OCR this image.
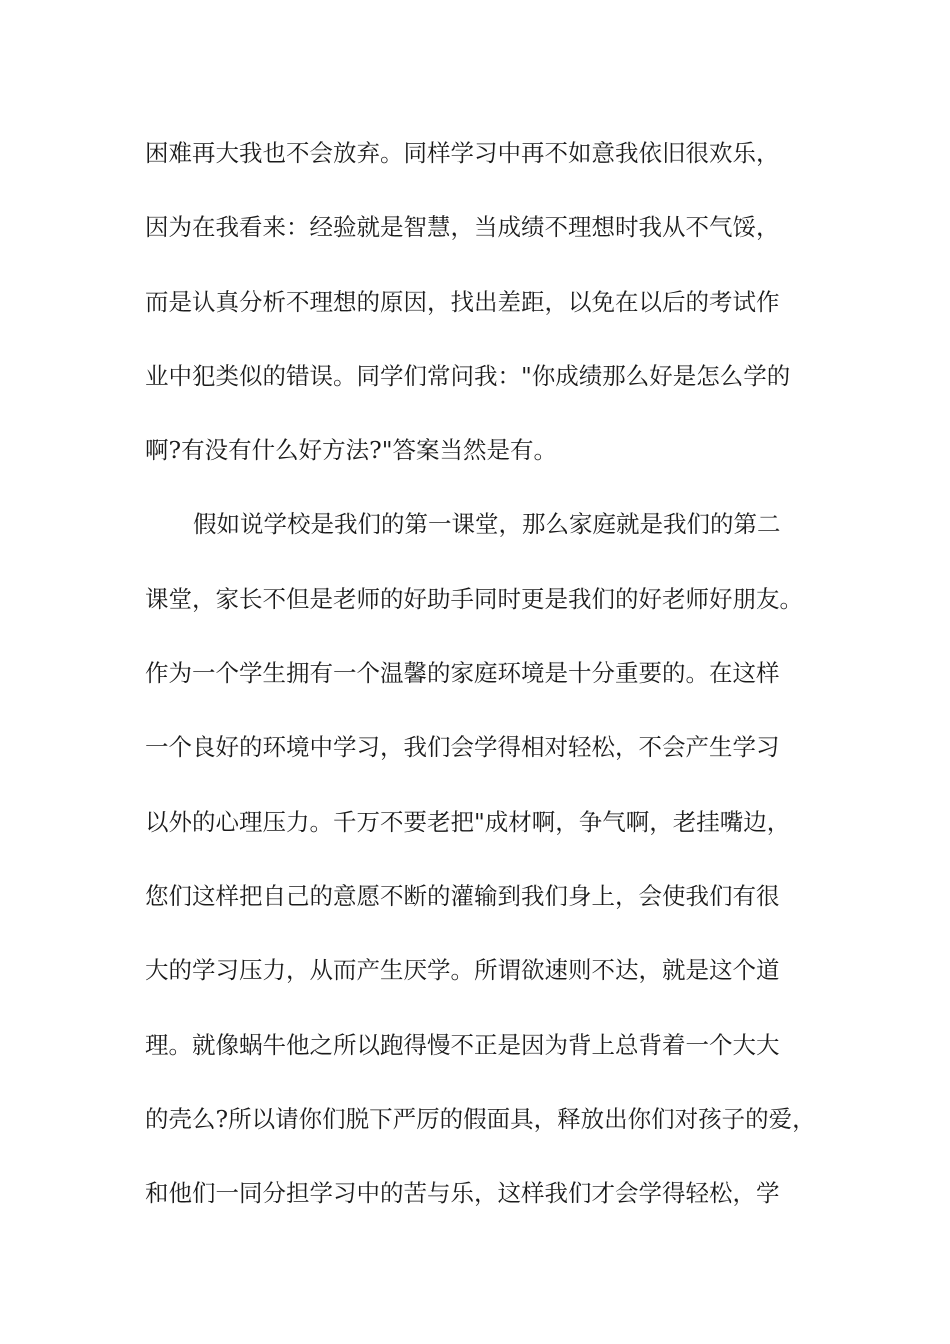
困难再大我也不会放弃。同样学习中再不如意我依旧很欢乐，
因为在我看来：经验就是智慧，当成绩不理想时我从不气馁，
而是认真分析不理想的原因，找出差距，以免在以后的考试作
业中犯类似的错误。同学们常问我："你成绩那么好是怎么学的
啊?有没有什么好方法?"答案当然是有。
假如说学校是我们的第一课堂，那么家庭就是我们的第二
课堂，家长不但是老师的好助手同时更是我们的好老师好朋友。
作为一个学生拥有一个温馨的家庭环境是十分重要的。在这样
一个良好的环境中学习，我们会学得相对轻松，不会产生学习
以外的心理压力。千万不要老把"成材啊，争气啊，老挂嘴边，
您们这样把自己的意愿不断的灌输到我们身上，会使我们有很
大的学习压力，从而产生厌学。所谓欲速则不达，就是这个道
理。就像蜗牛他之所以跑得慢不正是因为背上总背着一个大大
的壳么?所以请你们脱下严厉的假面具，释放出你们对孩子的爱，
和他们一同分担学习中的苦与乐，这样我们才会学得轻松，学
